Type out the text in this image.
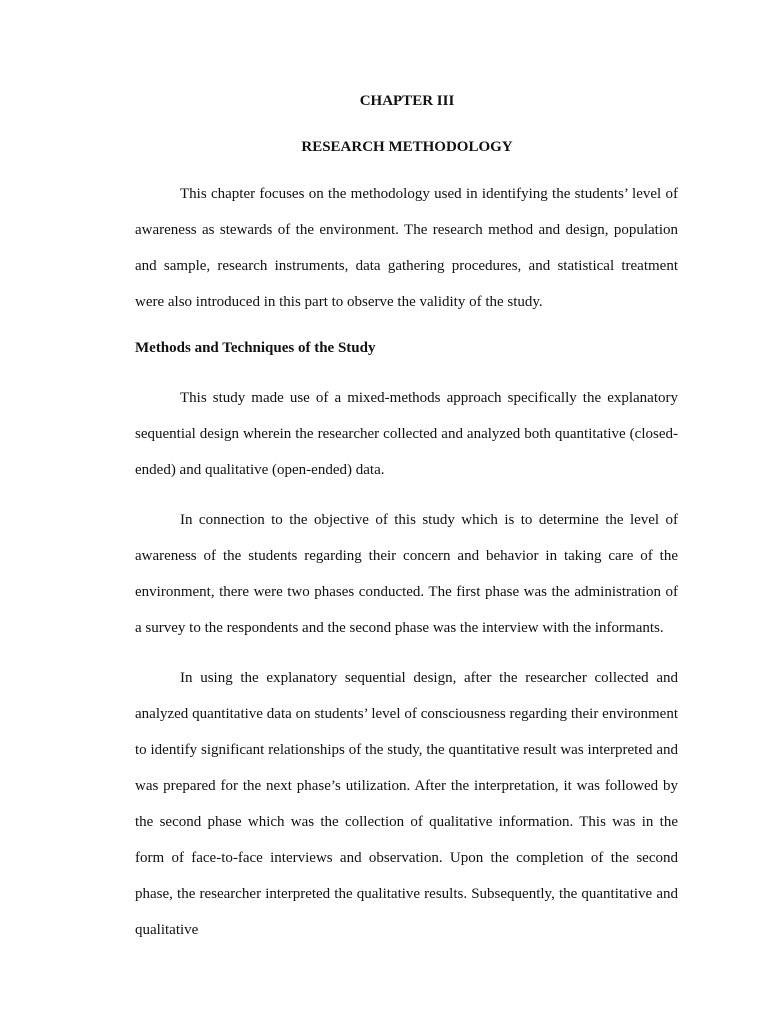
CHAPTER III
RESEARCH METHODOLOGY

This chapter focuses on the methodology used in identifying the students’ level of awareness as stewards of the environment. The research method and design, population and sample, research instruments, data gathering procedures, and statistical treatment were also introduced in this part to observe the validity of the study.

Methods and Techniques of the Study

This study made use of a mixed-methods approach specifically the explanatory sequential design wherein the researcher collected and analyzed both quantitative (closed-ended) and qualitative (open-ended) data.

In connection to the objective of this study which is to determine the level of awareness of the students regarding their concern and behavior in taking care of the environment, there were two phases conducted. The first phase was the administration of a survey to the respondents and the second phase was the interview with the informants.

In using the explanatory sequential design, after the researcher collected and analyzed quantitative data on students’ level of consciousness regarding their environment to identify significant relationships of the study, the quantitative result was interpreted and was prepared for the next phase’s utilization. After the interpretation, it was followed by the second phase which was the collection of qualitative information. This was in the form of face-to-face interviews and observation. Upon the completion of the second phase, the researcher interpreted the qualitative results. Subsequently, the quantitative and qualitative
